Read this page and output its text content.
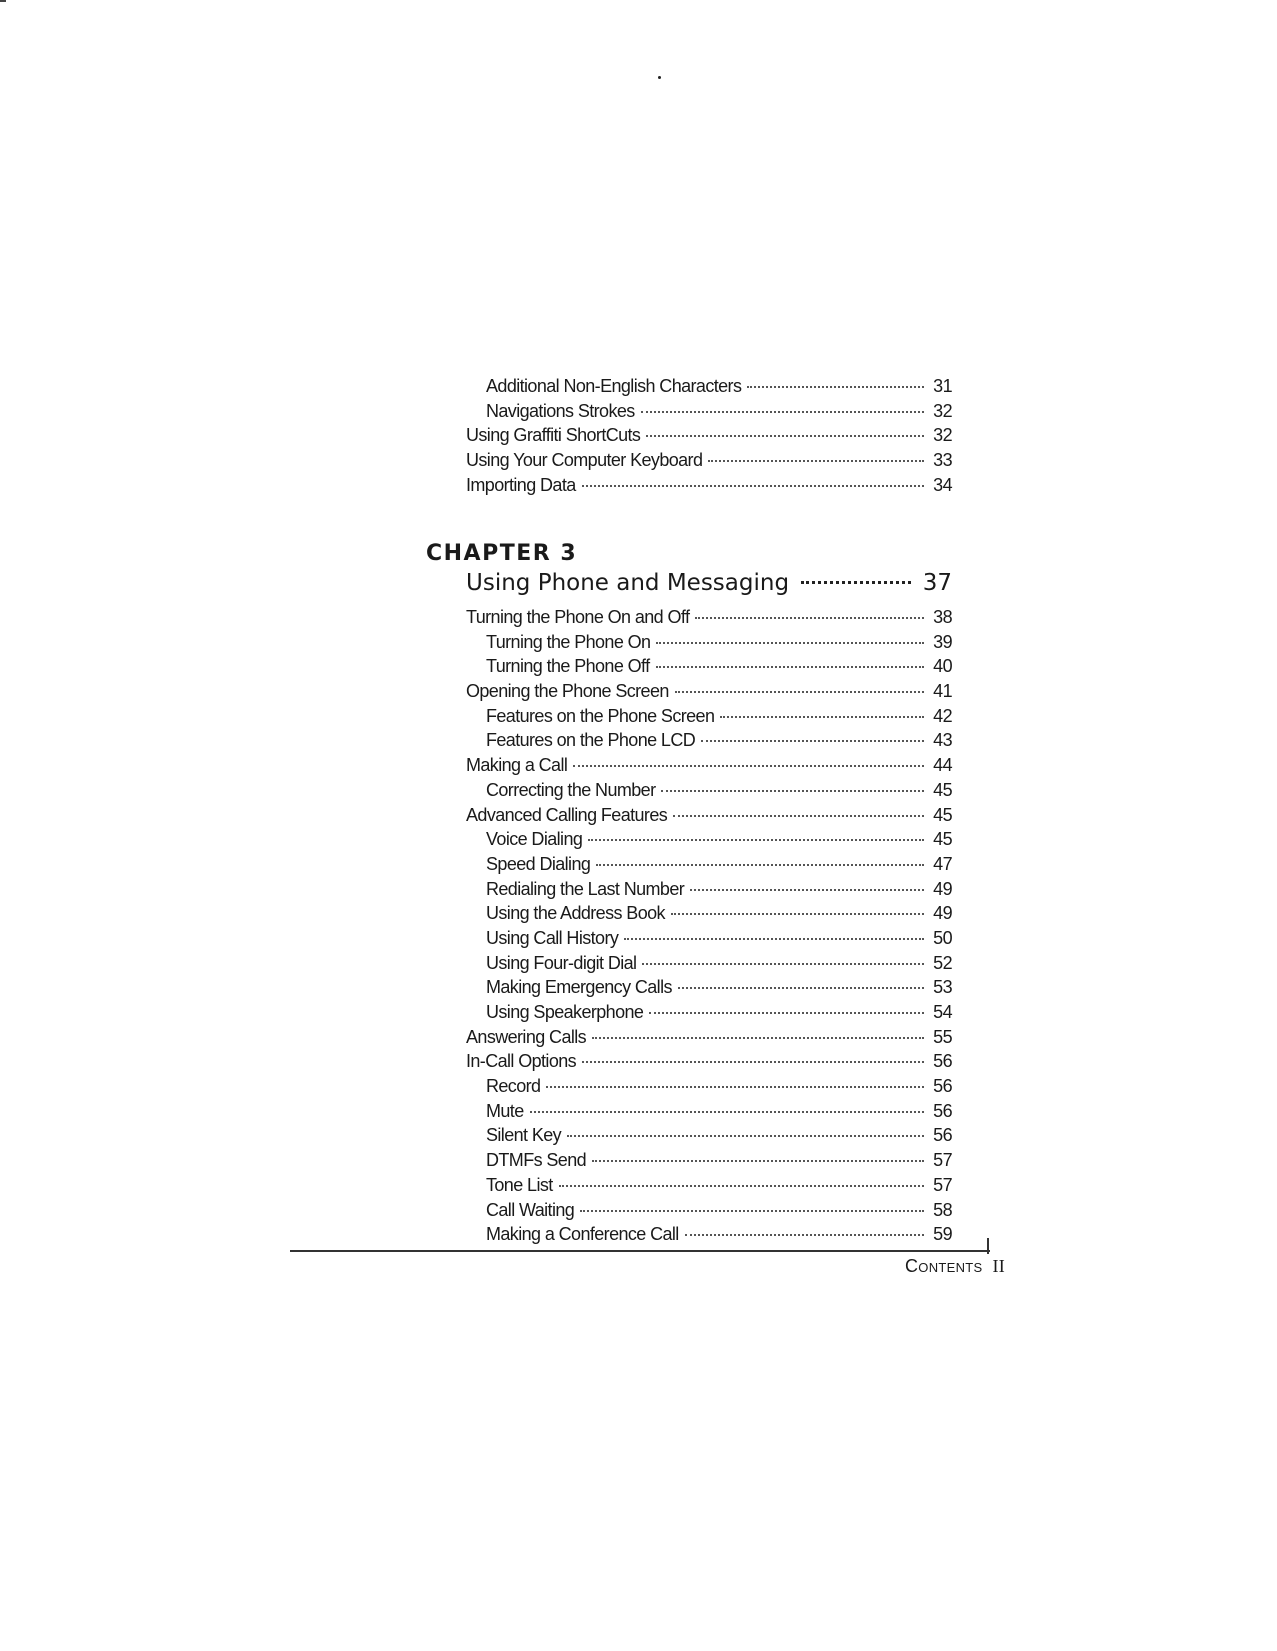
Additional Non-English Characters	31
Navigations Strokes	32
Using Graffiti ShortCuts	32
Using Your Computer Keyboard	33
Importing Data	34
CHAPTER 3
Using Phone and Messaging	37
Turning the Phone On and Off	38
Turning the Phone On	39
Turning the Phone Off	40
Opening the Phone Screen	41
Features on the Phone Screen	42
Features on the Phone LCD	43
Making a Call	44
Correcting the Number	45
Advanced Calling Features	45
Voice Dialing	45
Speed Dialing	47
Redialing the Last Number	49
Using the Address Book	49
Using Call History	50
Using Four-digit Dial	52
Making Emergency Calls	53
Using Speakerphone	54
Answering Calls	55
In-Call Options	56
Record	56
Mute	56
Silent Key	56
DTMFs Send	57
Tone List	57
Call Waiting	58
Making a Conference Call	59
Contents II
